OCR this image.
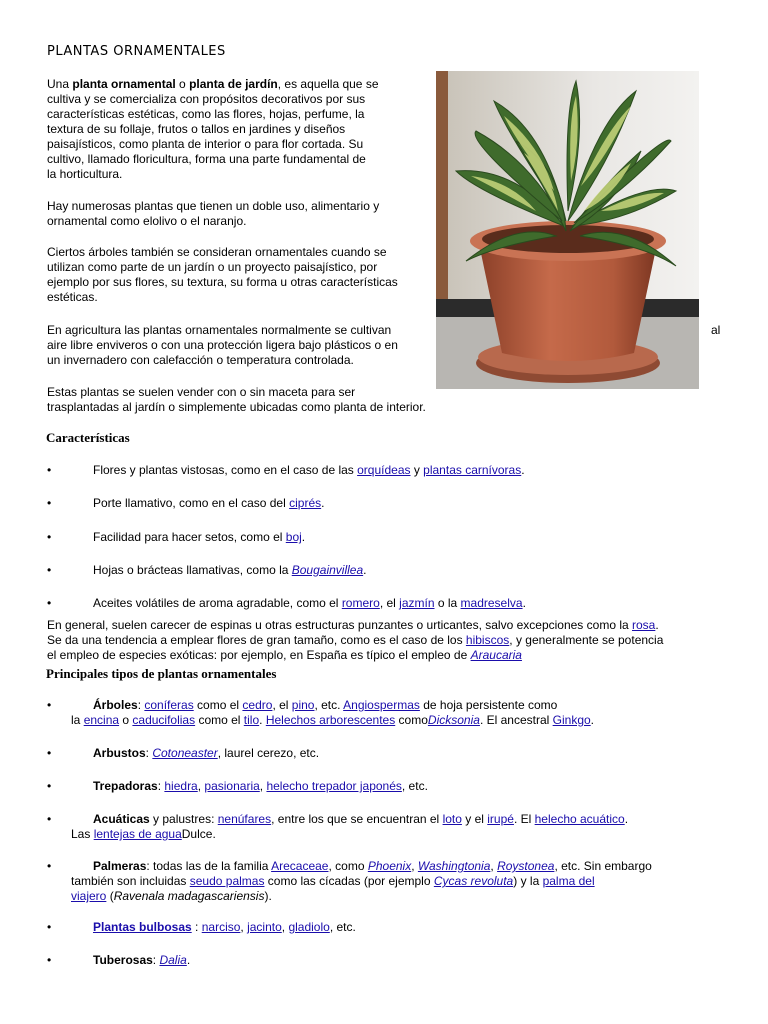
PLANTAS ORNAMENTALES

Una planta ornamental o planta de jardín, es aquella que se
cultiva y se comercializa con propósitos decorativos por sus
características estéticas, como las flores, hojas, perfume, la
textura de su follaje, frutos o tallos en jardines y diseños
paisajísticos, como planta de interior o para flor cortada. Su
cultivo, llamado floricultura, forma una parte fundamental de
la horticultura.

Hay numerosas plantas que tienen un doble uso, alimentario y
ornamental como elolivo o el naranjo.

Ciertos árboles también se consideran ornamentales cuando se
utilizan como parte de un jardín o un proyecto paisajístico, por
ejemplo por sus flores, su textura, su forma u otras características
estéticas.

En agricultura las plantas ornamentales normalmente se cultivan
aire libre enviveros o con una protección ligera bajo plásticos o en
un invernadero con calefacción o temperatura controlada.

al

Estas plantas se suelen vender con o sin maceta para ser
trasplantadas al jardín o simplemente ubicadas como planta de interior.

Características
•	Flores y plantas vistosas, como en el caso de las orquídeas y plantas carnívoras.
•	Porte llamativo, como en el caso del ciprés.
•	Facilidad para hacer setos, como el boj.
•	Hojas o brácteas llamativas, como la Bougainvillea.
•	Aceites volátiles de aroma agradable, como el romero, el jazmín o la madreselva.

En general, suelen carecer de espinas u otras estructuras punzantes o urticantes, salvo excepciones como la rosa.
Se da una tendencia a emplear flores de gran tamaño, como es el caso de los hibiscos, y generalmente se potencia
el empleo de especies exóticas: por ejemplo, en España es típico el empleo de Araucaria

Principales tipos de plantas ornamentales
•	Árboles: coníferas como el cedro, el pino, etc. Angiospermas de hoja persistente como
la encina o caducifolias como el tilo. Helechos arborescentes comoDicksonia. El ancestral Ginkgo.
•	Arbustos: Cotoneaster, laurel cerezo, etc.
•	Trepadoras: hiedra, pasionaria, helecho trepador japonés, etc.
•	Acuáticas y palustres: nenúfares, entre los que se encuentran el loto y el irupé. El helecho acuático.
Las lentejas de aguaDulce.
•	Palmeras: todas las de la familia Arecaceae, como Phoenix, Washingtonia, Roystonea, etc. Sin embargo
también son incluidas seudo palmas como las cícadas (por ejemplo Cycas revoluta) y la palma del
viajero (Ravenala madagascariensis).
•	Plantas bulbosas : narciso, jacinto, gladiolo, etc.
•	Tuberosas: Dalia.
